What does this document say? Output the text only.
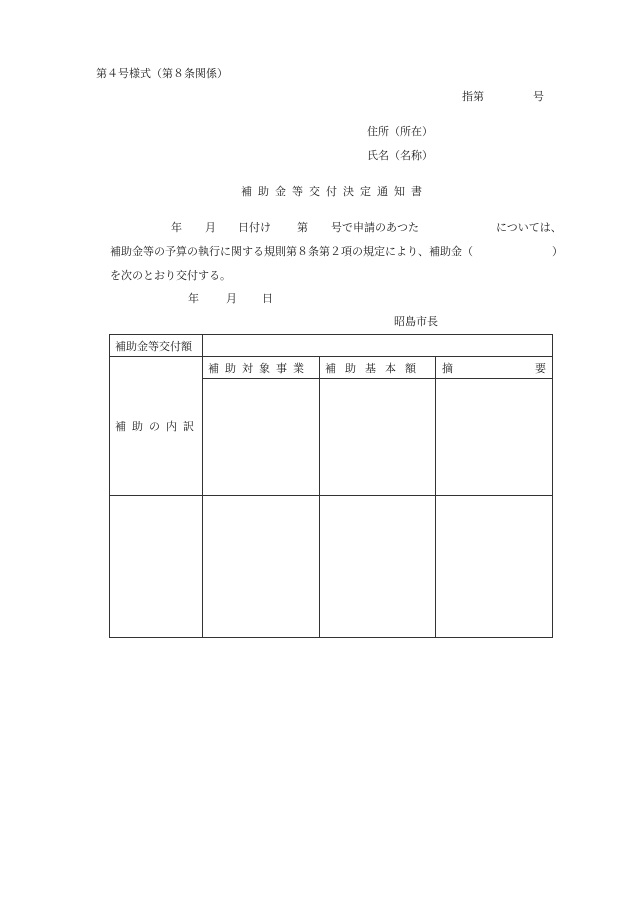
第４号様式（第８条関係）
指第	号
住所（所在）
氏名（名称）
補助金等交付決定通知書
年 月 日付け 第 号で申請のあつた	については、
補助金等の予算の執行に関する規則第８条第２項の規定により、補助金（	）
を次のとおり交付する。
年 月 日
昭島市長
補助金等交付額			

補助の内訳	補助対象事業	補助基本額	摘 要
